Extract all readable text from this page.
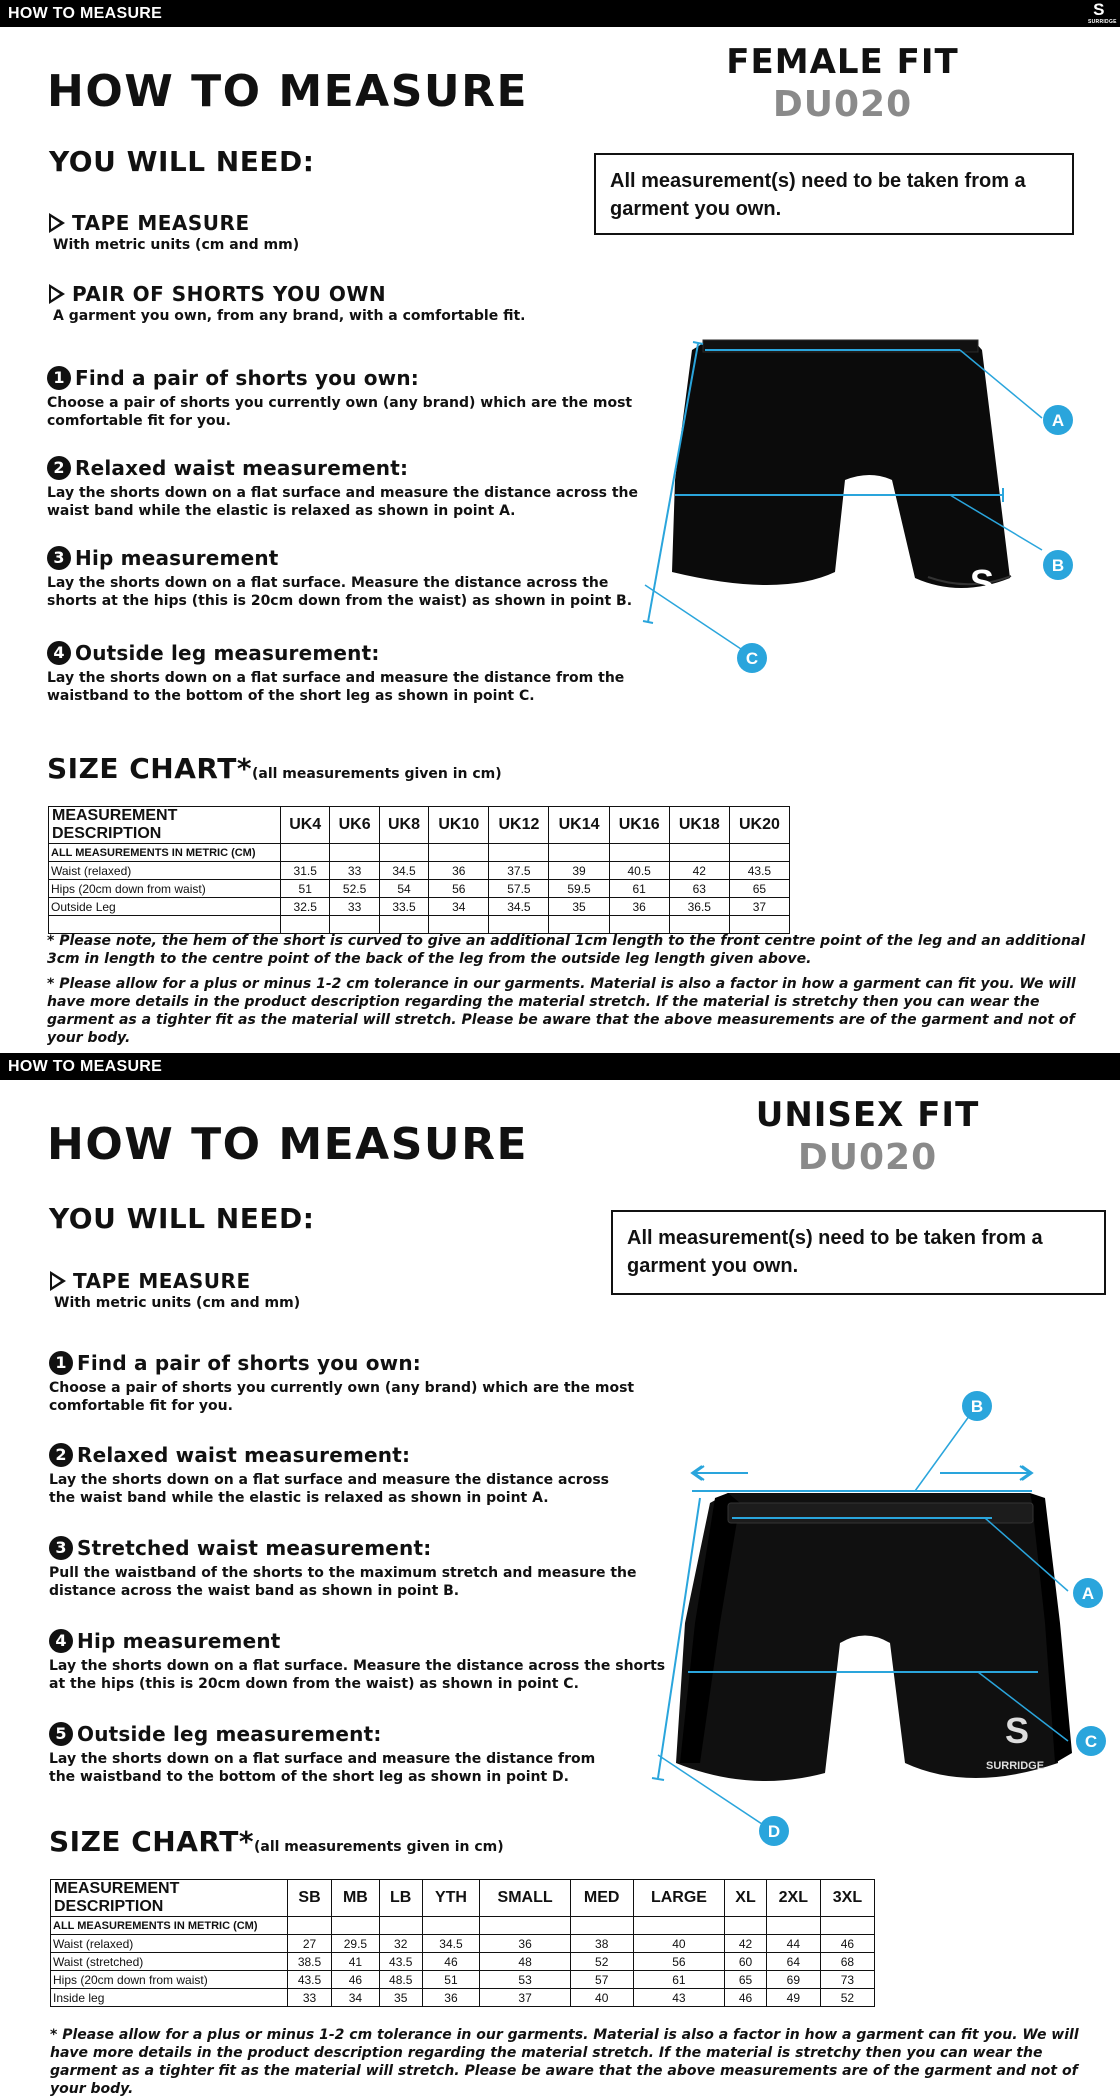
HOW TO MEASURE	S
SURRIDGE
HOW TO MEASURE
FEMALE FIT
DU020
YOU WILL NEED:
All measurement(s) need to be taken from a garment you own.
TAPE MEASURE
With metric units (cm and mm)
PAIR OF SHORTS YOU OWN
A garment you own, from any brand, with a comfortable fit.
1 Find a pair of shorts you own:
Choose a pair of shorts you currently own (any brand) which are the most comfortable fit for you.
2 Relaxed waist measurement:
Lay the shorts down on a flat surface and measure the distance across the waist band while the elastic is relaxed as shown in point A.
3 Hip measurement
Lay the shorts down on a flat surface. Measure the distance across the shorts at the hips (this is 20cm down from the waist) as shown in point B.
4 Outside leg measurement:
Lay the shorts down on a flat surface and measure the distance from the waistband to the bottom of the short leg as shown in point C.
S
A
B
C
SIZE CHART*(all measurements given in cm)
MEASUREMENT DESCRIPTION	UK4	UK6	UK8	UK10	UK12	UK14	UK16	UK18	UK20
ALL MEASUREMENTS IN METRIC (CM)									
Waist (relaxed)	31.5	33	34.5	36	37.5	39	40.5	42	43.5
Hips (20cm down from waist)	51	52.5	54	56	57.5	59.5	61	63	65
Outside Leg	32.5	33	33.5	34	34.5	35	36	36.5	37

* Please note, the hem of the short is curved to give an additional 1cm length to the front centre point of the leg and an additional 3cm in length to the centre point of the back of the leg from the outside leg length given above.
* Please allow for a plus or minus 1-2 cm tolerance in our garments. Material is also a factor in how a garment can fit you. We will have more details in the product description regarding the material stretch. If the material is stretchy then you can wear the garment as a tighter fit as the material will stretch. Please be aware that the above measurements are of the garment and not of your body.
HOW TO MEASURE
HOW TO MEASURE
UNISEX FIT
DU020
YOU WILL NEED:
All measurement(s) need to be taken from a garment you own.
TAPE MEASURE
With metric units (cm and mm)
1 Find a pair of shorts you own:
Choose a pair of shorts you currently own (any brand) which are the most comfortable fit for you.
2 Relaxed waist measurement:
Lay the shorts down on a flat surface and measure the distance across the waist band while the elastic is relaxed as shown in point A.
3 Stretched waist measurement:
Pull the waistband of the shorts to the maximum stretch and measure the distance across the waist band as shown in point B.
4 Hip measurement
Lay the shorts down on a flat surface. Measure the distance across the shorts at the hips (this is 20cm down from the waist) as shown in point C.
5 Outside leg measurement:
Lay the shorts down on a flat surface and measure the distance from the waistband to the bottom of the short leg as shown in point D.
S
SURRIDGE
B
A
C
D
SIZE CHART*(all measurements given in cm)
MEASUREMENT DESCRIPTION	SB	MB	LB	YTH	SMALL	MED	LARGE	XL	2XL	3XL
ALL MEASUREMENTS IN METRIC (CM)										
Waist (relaxed)	27	29.5	32	34.5	36	38	40	42	44	46
Waist (stretched)	38.5	41	43.5	46	48	52	56	60	64	68
Hips (20cm down from waist)	43.5	46	48.5	51	53	57	61	65	69	73
Inside leg	33	34	35	36	37	40	43	46	49	52
* Please allow for a plus or minus 1-2 cm tolerance in our garments. Material is also a factor in how a garment can fit you. We will have more details in the product description regarding the material stretch. If the material is stretchy then you can wear the garment as a tighter fit as the material will stretch. Please be aware that the above measurements are of the garment and not of your body.
